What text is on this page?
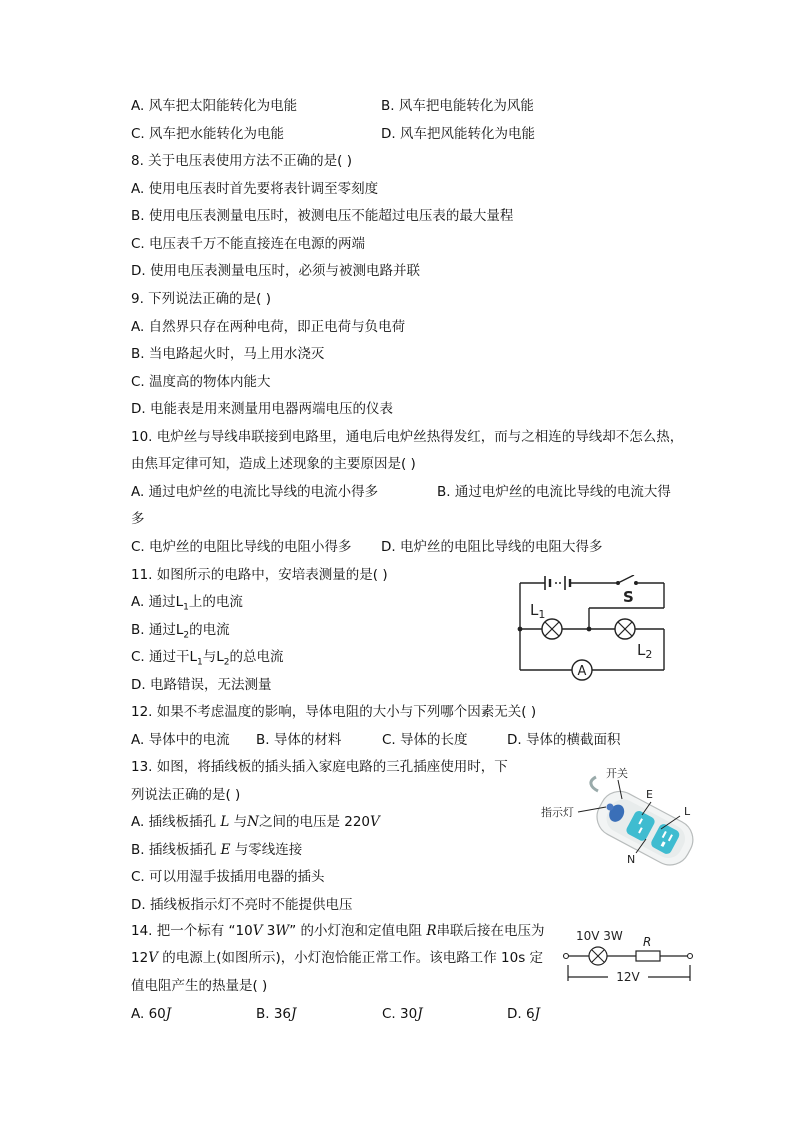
A. 风车把太阳能转化为电能	B. 风车把电能转化为风能
C. 风车把水能转化为电能	D. 风车把风能转化为电能
8. 关于电压表使用方法不正确的是( )
A. 使用电压表时首先要将表针调至零刻度
B. 使用电压表测量电压时，被测电压不能超过电压表的最大量程
C. 电压表千万不能直接连在电源的两端
D. 使用电压表测量电压时，必须与被测电路并联
9. 下列说法正确的是( )
A. 自然界只存在两种电荷，即正电荷与负电荷
B. 当电路起火时，马上用水浇灭
C. 温度高的物体内能大
D. 电能表是用来测量用电器两端电压的仪表
10. 电炉丝与导线串联接到电路里，通电后电炉丝热得发红，而与之相连的导线却不怎么热，
由焦耳定律可知，造成上述现象的主要原因是( )
A. 通过电炉丝的电流比导线的电流小得多	B. 通过电炉丝的电流比导线的电流大得
多
C. 电炉丝的电阻比导线的电阻小得多 D. 电炉丝的电阻比导线的电阻大得多
11. 如图所示的电路中，安培表测量的是( )
A. 通过$L_1$上的电流
B. 通过$L_2$的电流
C. 通过干$L_1$与$L_2$的总电流
D. 电路错误，无法测量
A
$L_1$
S
$L_2$
12. 如果不考虑温度的影响，导体电阻的大小与下列哪个因素无关( )
A. 导体中的电流 B. 导体的材料	C. 导体的长度	D. 导体的横截面积
13. 如图，将插线板的插头插入家庭电路的三孔插座使用时，下
列说法正确的是( )
A. 插线板插孔 L 与N之间的电压是 220V
B. 插线板插孔 E 与零线连接
C. 可以用湿手拔插用电器的插头
D. 插线板指示灯不亮时不能提供电压
开关
指示灯
E
L
N
14. 把一个标有 “10V 3W” 的小灯泡和定值电阻 R串联后接在电压为
12V 的电源上(如图所示)，小灯泡恰能正常工作。该电路工作 10s 定
值电阻产生的热量是( )
A. 60J	B. 36J	C. 30J	D. 6J
10V 3W R
12V
